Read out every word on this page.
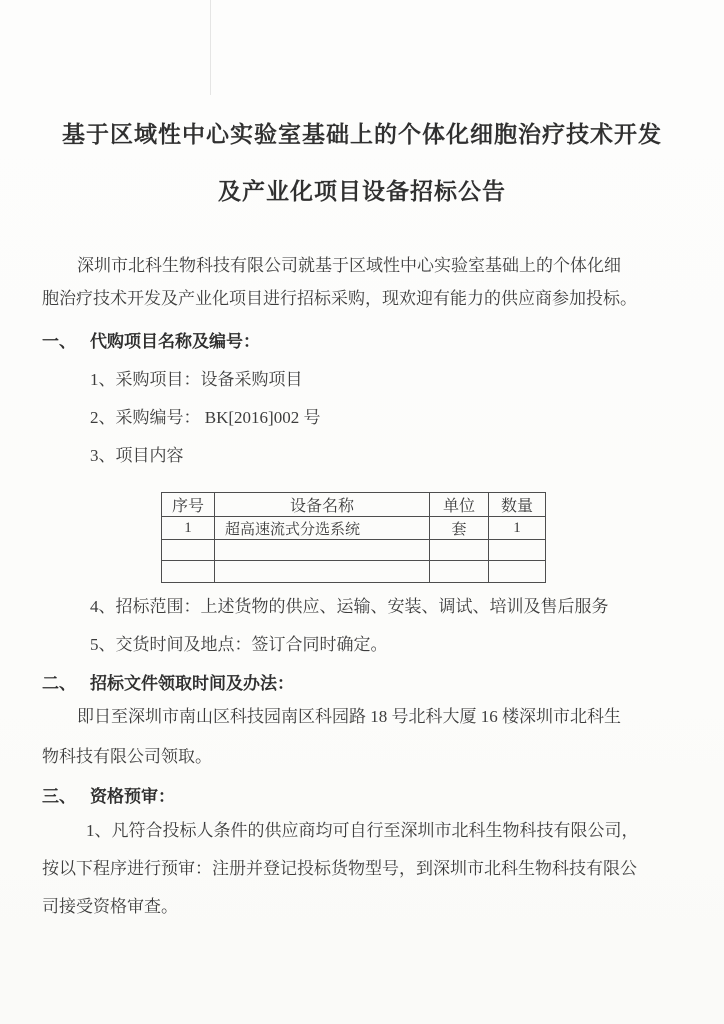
基于区域性中心实验室基础上的个体化细胞治疗技术开发
及产业化项目设备招标公告
深圳市北科生物科技有限公司就基于区域性中心实验室基础上的个体化细
胞治疗技术开发及产业化项目进行招标采购，现欢迎有能力的供应商参加投标。
一、 代购项目名称及编号：
1、采购项目：设备采购项目
2、采购编号： BK[2016]002 号
3、项目内容
序号	设备名称	单位	数量
1	超高速流式分选系统	套	1

4、招标范围：上述货物的供应、运输、安装、调试、培训及售后服务
5、交货时间及地点：签订合同时确定。
二、 招标文件领取时间及办法：
即日至深圳市南山区科技园南区科园路 18 号北科大厦 16 楼深圳市北科生
物科技有限公司领取。
三、 资格预审：
1、凡符合投标人条件的供应商均可自行至深圳市北科生物科技有限公司，
按以下程序进行预审：注册并登记投标货物型号，到深圳市北科生物科技有限公
司接受资格审查。
